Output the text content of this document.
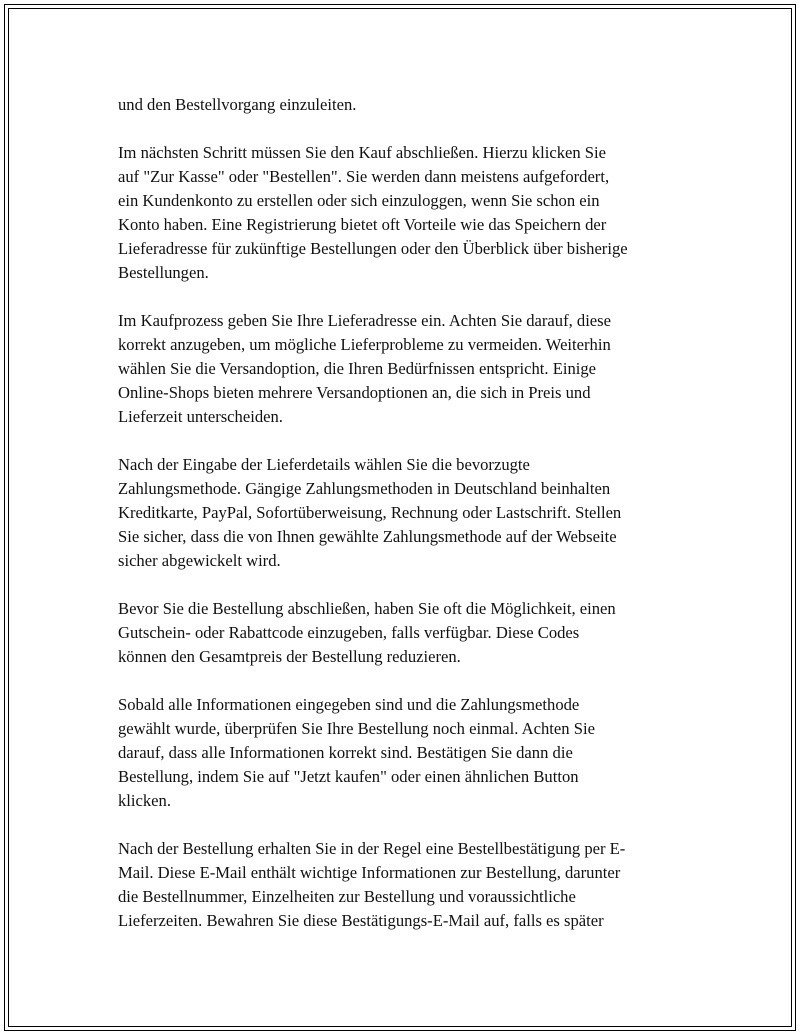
und den Bestellvorgang einzuleiten.

Im nächsten Schritt müssen Sie den Kauf abschließen. Hierzu klicken Sie
auf "Zur Kasse" oder "Bestellen". Sie werden dann meistens aufgefordert,
ein Kundenkonto zu erstellen oder sich einzuloggen, wenn Sie schon ein
Konto haben. Eine Registrierung bietet oft Vorteile wie das Speichern der
Lieferadresse für zukünftige Bestellungen oder den Überblick über bisherige
Bestellungen.

Im Kaufprozess geben Sie Ihre Lieferadresse ein. Achten Sie darauf, diese
korrekt anzugeben, um mögliche Lieferprobleme zu vermeiden. Weiterhin
wählen Sie die Versandoption, die Ihren Bedürfnissen entspricht. Einige
Online-Shops bieten mehrere Versandoptionen an, die sich in Preis und
Lieferzeit unterscheiden.

Nach der Eingabe der Lieferdetails wählen Sie die bevorzugte
Zahlungsmethode. Gängige Zahlungsmethoden in Deutschland beinhalten
Kreditkarte, PayPal, Sofortüberweisung, Rechnung oder Lastschrift. Stellen
Sie sicher, dass die von Ihnen gewählte Zahlungsmethode auf der Webseite
sicher abgewickelt wird.

Bevor Sie die Bestellung abschließen, haben Sie oft die Möglichkeit, einen
Gutschein- oder Rabattcode einzugeben, falls verfügbar. Diese Codes
können den Gesamtpreis der Bestellung reduzieren.

Sobald alle Informationen eingegeben sind und die Zahlungsmethode
gewählt wurde, überprüfen Sie Ihre Bestellung noch einmal. Achten Sie
darauf, dass alle Informationen korrekt sind. Bestätigen Sie dann die
Bestellung, indem Sie auf "Jetzt kaufen" oder einen ähnlichen Button
klicken.

Nach der Bestellung erhalten Sie in der Regel eine Bestellbestätigung per E-
Mail. Diese E-Mail enthält wichtige Informationen zur Bestellung, darunter
die Bestellnummer, Einzelheiten zur Bestellung und voraussichtliche
Lieferzeiten. Bewahren Sie diese Bestätigungs-E-Mail auf, falls es später
